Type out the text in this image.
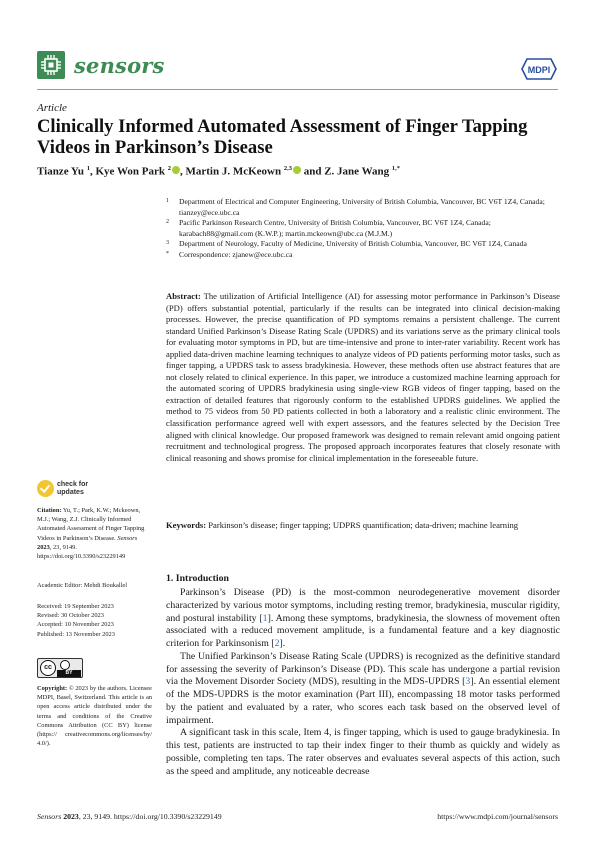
sensors	MDPI
Article
Clinically Informed Automated Assessment of Finger Tapping
Videos in Parkinson’s Disease
Tianze Yu $^1$, Kye Won Park $^2$ , Martin J. McKeown $^{2,3}$ and Z. Jane Wang $^{1,*}$
1 Department of Electrical and Computer Engineering, University of British Columbia, Vancouver, BC V6T 1Z4, Canada; tianzey@ece.ubc.ca
2 Pacific Parkinson Research Centre, University of British Columbia, Vancouver, BC V6T 1Z4, Canada; karabach88@gmail.com (K.W.P.); martin.mckeown@ubc.ca (M.J.M.)
3 Department of Neurology, Faculty of Medicine, University of British Columbia, Vancouver, BC V6T 1Z4, Canada
* Correspondence: zjanew@ece.ubc.ca
Abstract: The utilization of Artificial Intelligence (AI) for assessing motor performance in Parkinson’s Disease (PD) offers substantial potential, particularly if the results can be integrated into clinical decision-making processes. However, the precise quantification of PD symptoms remains a persistent challenge. The current standard Unified Parkinson’s Disease Rating Scale (UPDRS) and its variations serve as the primary clinical tools for evaluating motor symptoms in PD, but are time-intensive and prone to inter-rater variability. Recent work has applied data-driven machine learning techniques to analyze videos of PD patients performing motor tasks, such as finger tapping, a UPDRS task to assess bradykinesia. However, these methods often use abstract features that are not closely related to clinical experience. In this paper, we introduce a customized machine learning approach for the automated scoring of UPDRS bradykinesia using single-view RGB videos of finger tapping, based on the extraction of detailed features that rigorously conform to the established UPDRS guidelines. We applied the method to 75 videos from 50 PD patients collected in both a laboratory and a realistic clinic environment. The classification performance agreed well with expert assessors, and the features selected by the Decision Tree aligned with clinical knowledge. Our proposed framework was designed to remain relevant amid ongoing patient recruitment and technological progress. The proposed approach incorporates features that closely resonate with clinical reasoning and shows promise for clinical implementation in the foreseeable future.
Keywords: Parkinson’s disease; finger tapping; UDPRS quantification; data-driven; machine learning
check for
updates
Citation: Yu, T.; Park, K.W.; Mckeown, M.J.; Wang, Z.J. Clinically Informed Automated Assessment of Finger Tapping Videos in Parkinson’s Disease. Sensors 2023, 23, 9149. https://doi.org/10.3390/s23229149
Academic Editor: Mehdi Boukallel
Received: 19 September 2023
Revised: 30 October 2023
Accepted: 10 November 2023
Published: 13 November 2023
cc
BY
Copyright: © 2023 by the authors. Licensee MDPI, Basel, Switzerland. This article is an open access article distributed under the terms and conditions of the Creative Commons Attribution (CC BY) license (https:// creativecommons.org/licenses/by/ 4.0/).
1. Introduction

Parkinson’s Disease (PD) is the most-common neurodegenerative movement disorder characterized by various motor symptoms, including resting tremor, bradykinesia, muscular rigidity, and postural instability [1]. Among these symptoms, bradykinesia, the slowness of movement often associated with a reduced movement amplitude, is a fundamental feature and a key diagnostic criterion for Parkinsonism [2].

The Unified Parkinson’s Disease Rating Scale (UPDRS) is recognized as the definitive standard for assessing the severity of Parkinson’s Disease (PD). This scale has undergone a partial revision via the Movement Disorder Society (MDS), resulting in the MDS-UPDRS [3]. An essential element of the MDS-UPDRS is the motor examination (Part III), encompassing 18 motor tasks performed by the patient and evaluated by a rater, who scores each task based on the observed level of impairment.

A significant task in this scale, Item 4, is finger tapping, which is used to gauge bradykinesia. In this test, patients are instructed to tap their index finger to their thumb as quickly and widely as possible, completing ten taps. The rater observes and evaluates several aspects of this action, such as the speed and amplitude, any noticeable decrease

Sensors 2023, 23, 9149. https://doi.org/10.3390/s23229149	https://www.mdpi.com/journal/sensors
